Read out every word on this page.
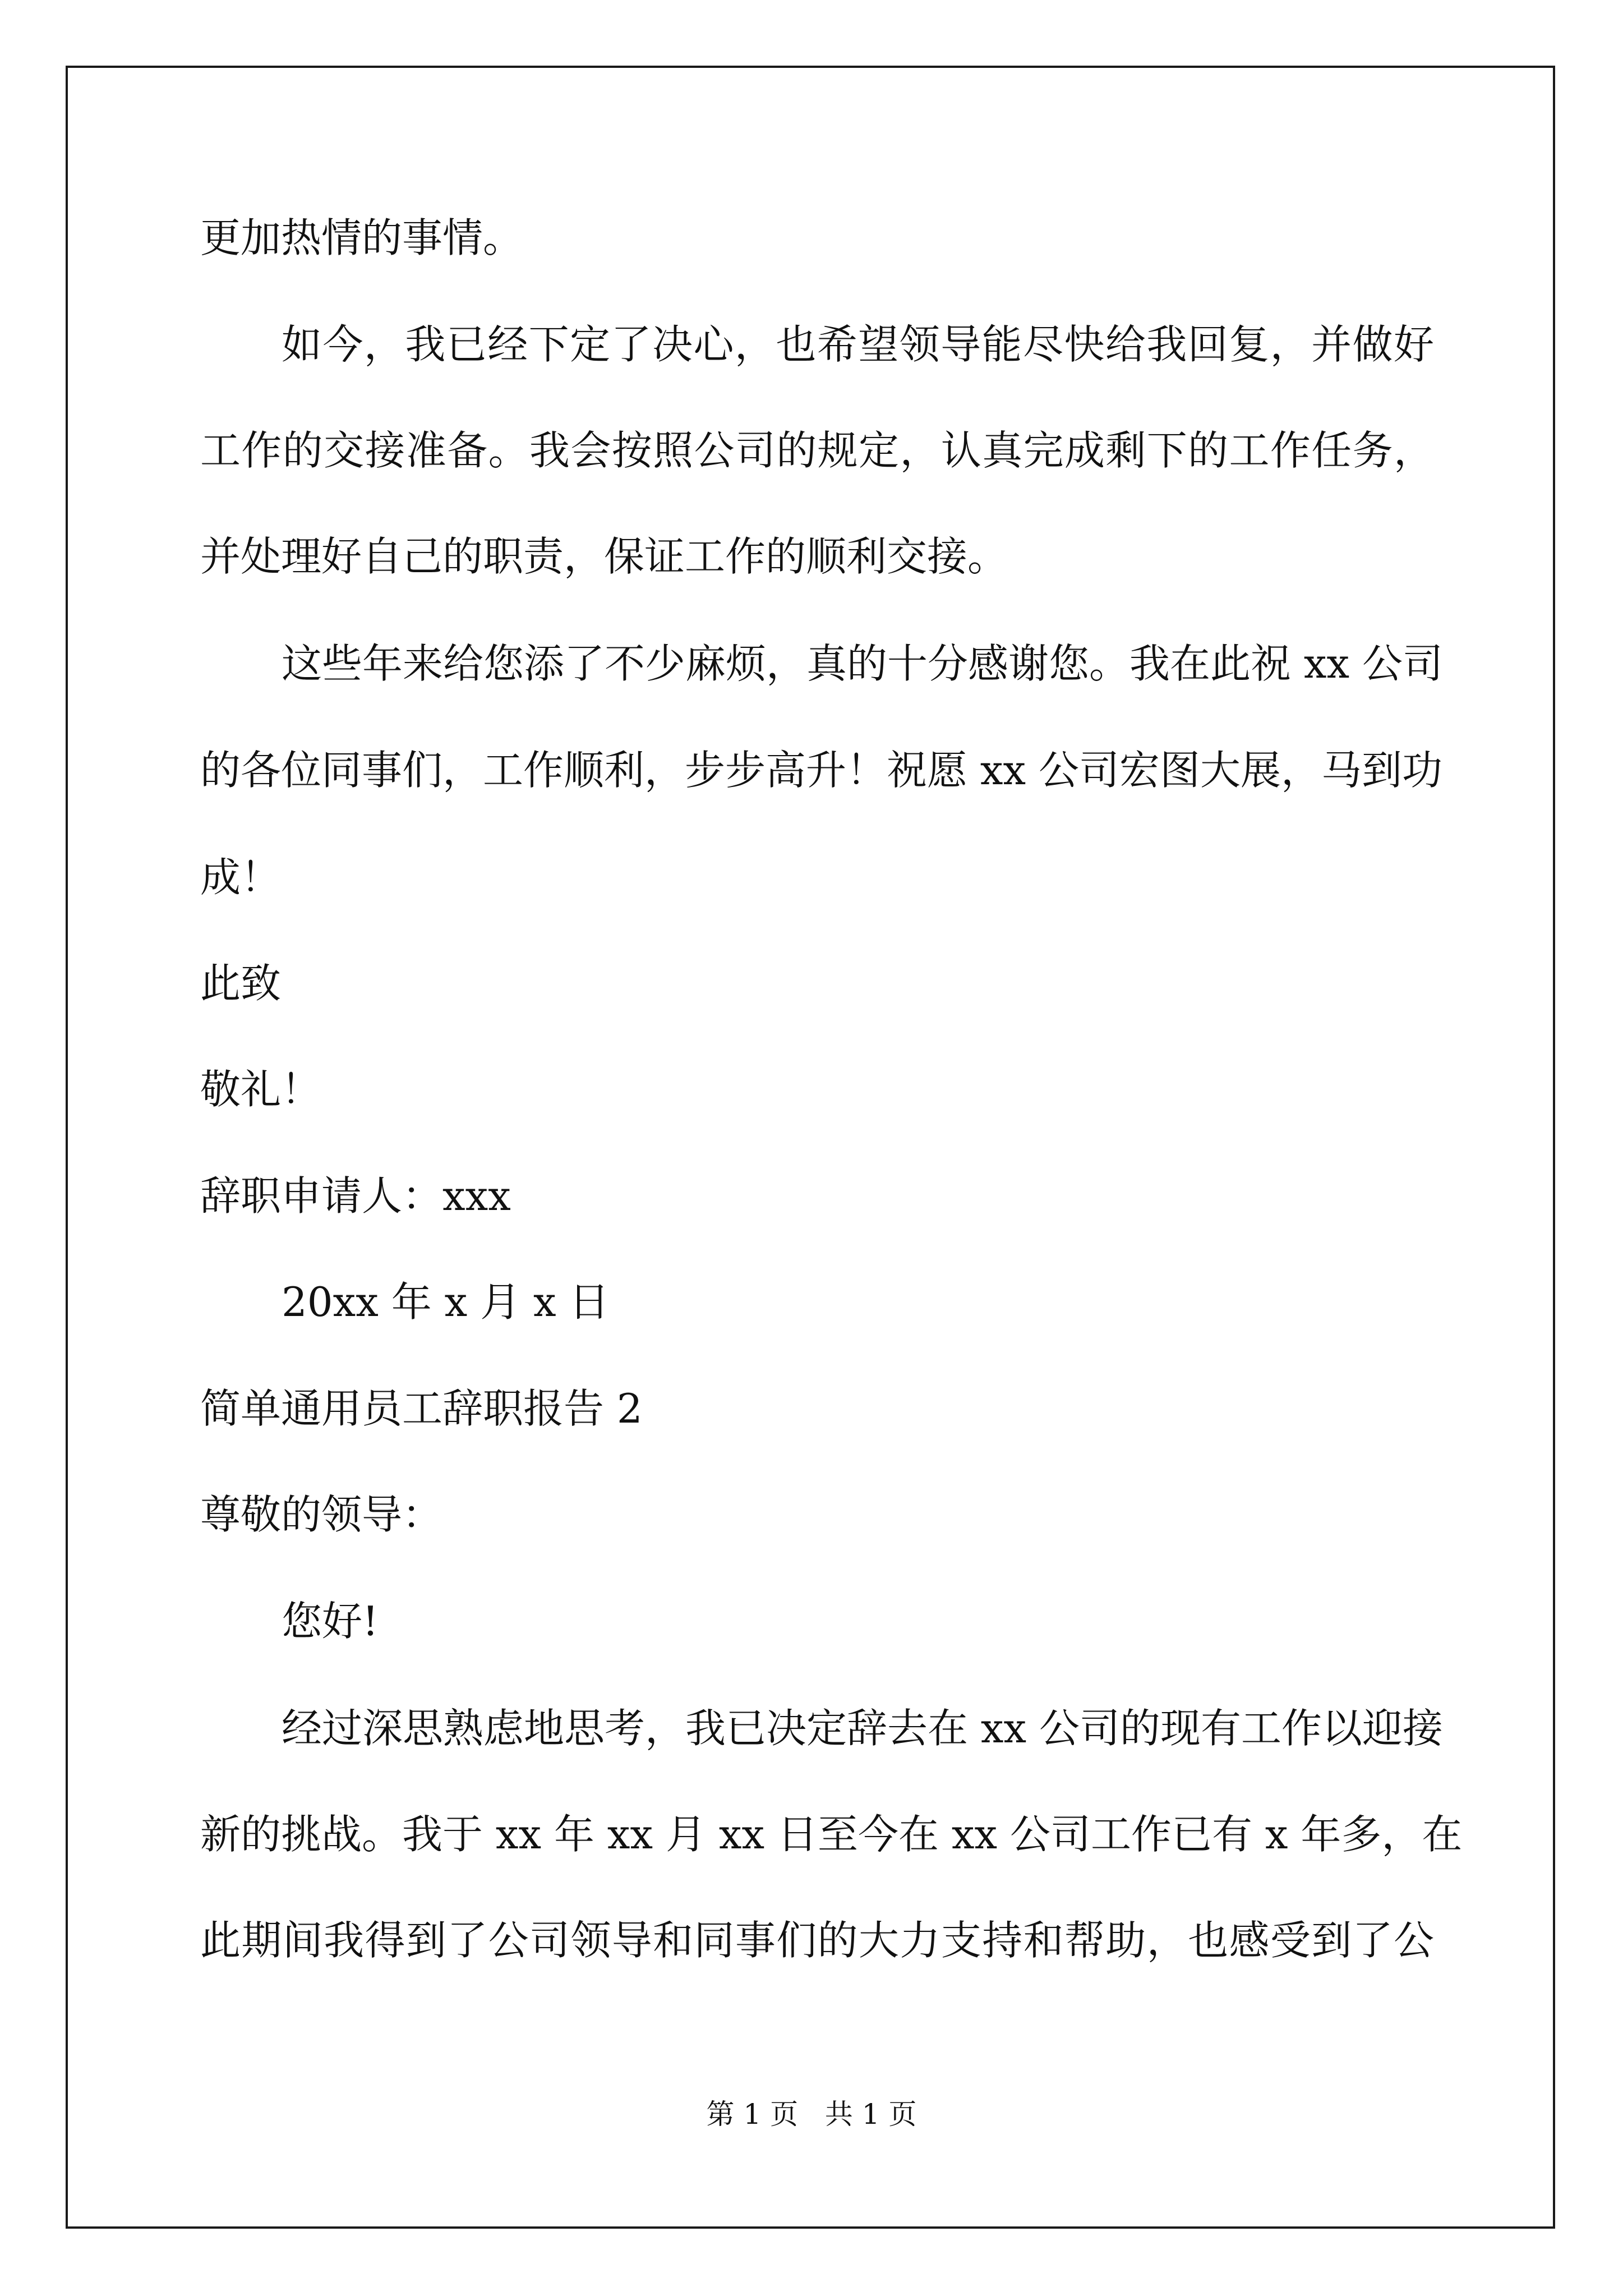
更加热情的事情。
如今，我已经下定了决心，也希望领导能尽快给我回复，并做好
工作的交接准备。我会按照公司的规定，认真完成剩下的工作任务，
并处理好自己的职责，保证工作的顺利交接。
这些年来给您添了不少麻烦，真的十分感谢您。我在此祝 xx 公司
的各位同事们，工作顺利，步步高升！祝愿 xx 公司宏图大展，马到功
成！
此致
敬礼！
辞职申请人：xxx
20xx 年 x 月 x 日
简单通用员工辞职报告 2
尊敬的领导：
您好!
经过深思熟虑地思考，我已决定辞去在 xx 公司的现有工作以迎接
新的挑战。我于 xx 年 xx 月 xx 日至今在 xx 公司工作已有 x 年多，在
此期间我得到了公司领导和同事们的大力支持和帮助，也感受到了公
第 1 页   共 1 页
